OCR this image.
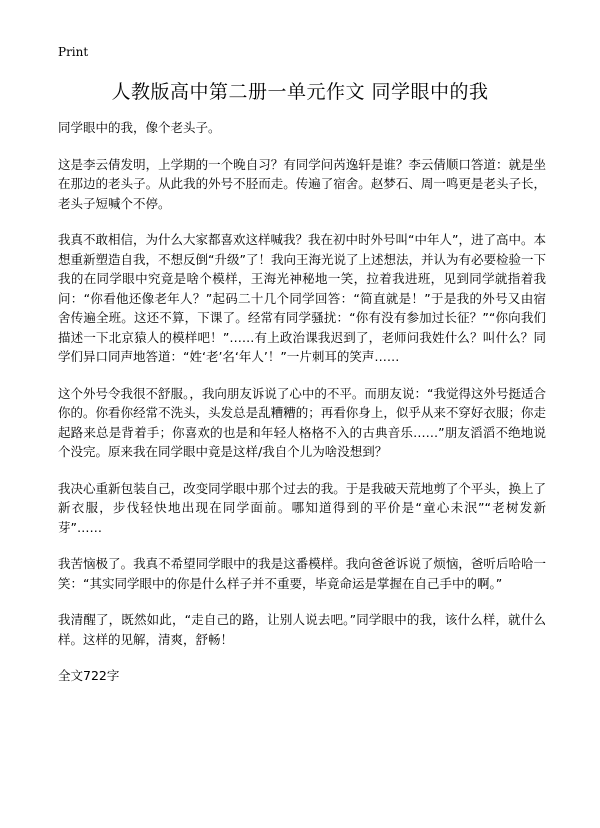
Print
人教版高中第二册一单元作文 同学眼中的我

同学眼中的我，像个老头子。

这是李云倩发明，上学期的一个晚自习？有同学问芮逸轩是谁？李云倩顺口答道：就是坐在那边的老头子。从此我的外号不胫而走。传遍了宿舍。赵梦石、周一鸣更是老头子长，老头子短喊个不停。

我真不敢相信，为什么大家都喜欢这样喊我？我在初中时外号叫“中年人”，进了高中。本想重新塑造自我，不想反倒“升级”了！我向王海光说了上述想法，并认为有必要检验一下我的在同学眼中究竟是啥个模样，王海光神秘地一笑，拉着我进班，见到同学就指着我问：“你看他还像老年人？”起码二十几个同学回答：“简直就是！”于是我的外号又由宿舍传遍全班。这还不算，下课了。经常有同学骚扰：“你有没有参加过长征？”“你向我们描述一下北京猿人的模样吧！”……有上政治课我迟到了，老师问我姓什么？叫什么？同学们异口同声地答道：“姓‘老’名‘年人’！”一片刺耳的笑声……

这个外号令我很不舒服。，我向朋友诉说了心中的不平。而朋友说：“我觉得这外号挺适合你的。你看你经常不洗头，头发总是乱糟糟的；再看你身上，似乎从来不穿好衣服；你走起路来总是背着手；你喜欢的也是和年轻人格格不入的古典音乐……”朋友滔滔不绝地说个没完。原来我在同学眼中竟是这样/我自个儿为啥没想到？

我决心重新包装自己，改变同学眼中那个过去的我。于是我破天荒地剪了个平头，换上了新衣服，步伐轻快地出现在同学面前。哪知道得到的平价是“童心未泯”“老树发新芽”……

我苦恼极了。我真不希望同学眼中的我是这番模样。我向爸爸诉说了烦恼，爸听后哈哈一笑：“其实同学眼中的你是什么样子并不重要，毕竟命运是掌握在自己手中的啊。”

我清醒了，既然如此，“走自己的路，让别人说去吧。”同学眼中的我，该什么样，就什么样。这样的见解，清爽，舒畅！

全文722字
